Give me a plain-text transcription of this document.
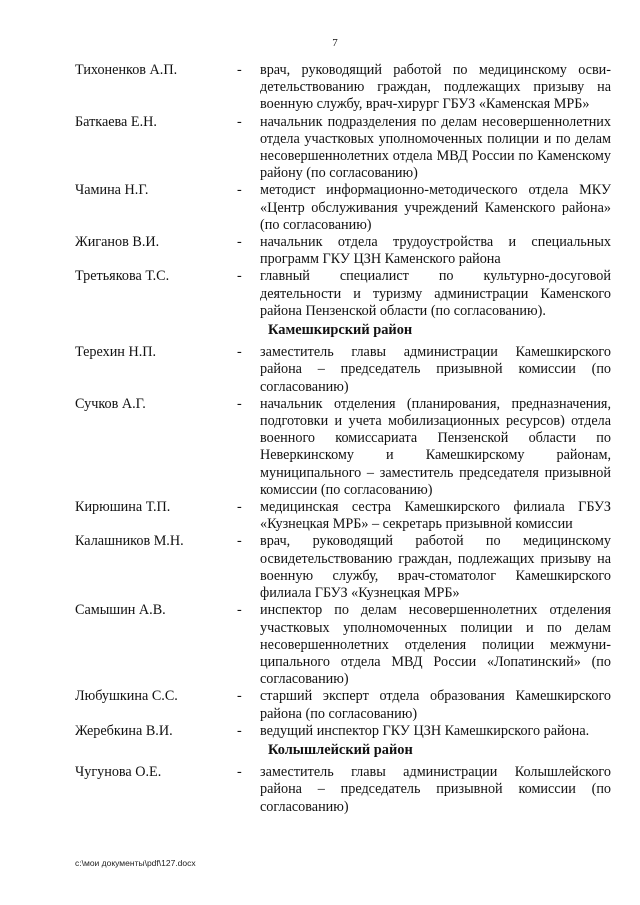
7
Тихоненков А.П.	-	врач, руководящий работой по медицинскому освидетельствованию граждан, подлежащих призыву на военную службу, врач-хирург ГБУЗ «Каменская МРБ»
Баткаева Е.Н.	-	начальник подразделения по делам несовершеннолетних отдела участковых уполномоченных полиции и по делам несовершеннолетних отдела МВД России по Каменскому району (по согласованию)
Чамина Н.Г.	-	методист информационно-методического отдела МКУ «Центр обслуживания учреждений Каменского района» (по согласованию)
Жиганов В.И.	-	начальник отдела трудоустройства и специальных программ ГКУ ЦЗН Каменского района
Третьякова Т.С.	-	главный специалист по культурно-досуговой деятельности и туризму администрации Каменского района Пензенской области (по согласованию).
Камешкирский район
Терехин Н.П.	-	заместитель главы администрации Камешкирского района – председатель призывной комиссии (по согласованию)
Сучков А.Г.	-	начальник отделения (планирования, предназначения, подготовки и учета мобилизационных ресурсов) отдела военного комиссариата Пензенской области по Неверкинскому и Камешкирскому районам, муниципального – заместитель председателя призывной комиссии (по согласованию)
Кирюшина Т.П.	-	медицинская сестра Камешкирского филиала ГБУЗ «Кузнецкая МРБ» – секретарь призывной комиссии
Калашников М.Н.	-	врач, руководящий работой по медицинскому освидетельствованию граждан, подлежащих призыву на военную службу, врач-стоматолог Камешкирского филиала ГБУЗ «Кузнецкая МРБ»
Самышин А.В.	-	инспектор по делам несовершеннолетних отделения участковых уполномоченных полиции и по делам несовершеннолетних отделения полиции межмуниципального отдела МВД России «Лопатинский» (по согласованию)
Любушкина С.С.	-	старший эксперт отдела образования Камешкирского района (по согласованию)
Жеребкина В.И.	-	ведущий инспектор ГКУ ЦЗН Камешкирского района.
Колышлейский район
Чугунова О.Е.	-	заместитель главы администрации Колышлейского района – председатель призывной комиссии (по согласованию)
c:\мои документы\pdf\127.docx
